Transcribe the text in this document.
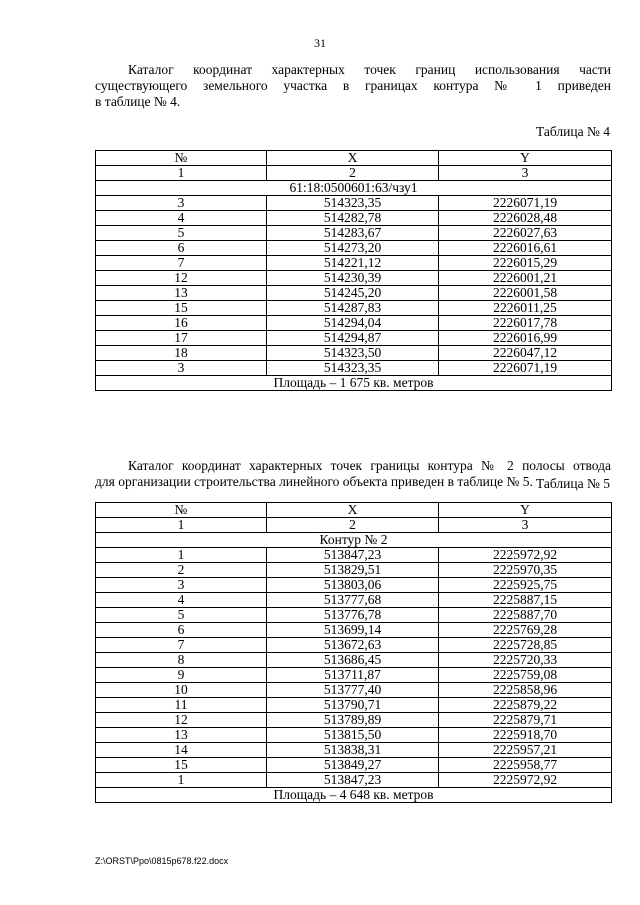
31
Каталог координат характерных точек границ использования части
существующего земельного участка в границах контура № 1 приведен
в таблице № 4.
Таблица № 4
№	X	Y
1	2	3
61:18:0500601:63/чзу1		
3	514323,35	2226071,19
4	514282,78	2226028,48
5	514283,67	2226027,63
6	514273,20	2226016,61
7	514221,12	2226015,29
12	514230,39	2226001,21
13	514245,20	2226001,58
15	514287,83	2226011,25
16	514294,04	2226017,78
17	514294,87	2226016,99
18	514323,50	2226047,12
3	514323,35	2226071,19
Площадь – 1 675 кв. метров		
Каталог координат характерных точек границы контура № 2 полосы отвода
для организации строительства линейного объекта приведен в таблице № 5. Таблица № 5
№	X	Y
1	2	3
Контур № 2		
1	513847,23	2225972,92
2	513829,51	2225970,35
3	513803,06	2225925,75
4	513777,68	2225887,15
5	513776,78	2225887,70
6	513699,14	2225769,28
7	513672,63	2225728,85
8	513686,45	2225720,33
9	513711,87	2225759,08
10	513777,40	2225858,96
11	513790,71	2225879,22
12	513789,89	2225879,71
13	513815,50	2225918,70
14	513838,31	2225957,21
15	513849,27	2225958,77
1	513847,23	2225972,92
Площадь – 4 648 кв. метров		
Z:\ORST\Ppo\0815p678.f22.docx
